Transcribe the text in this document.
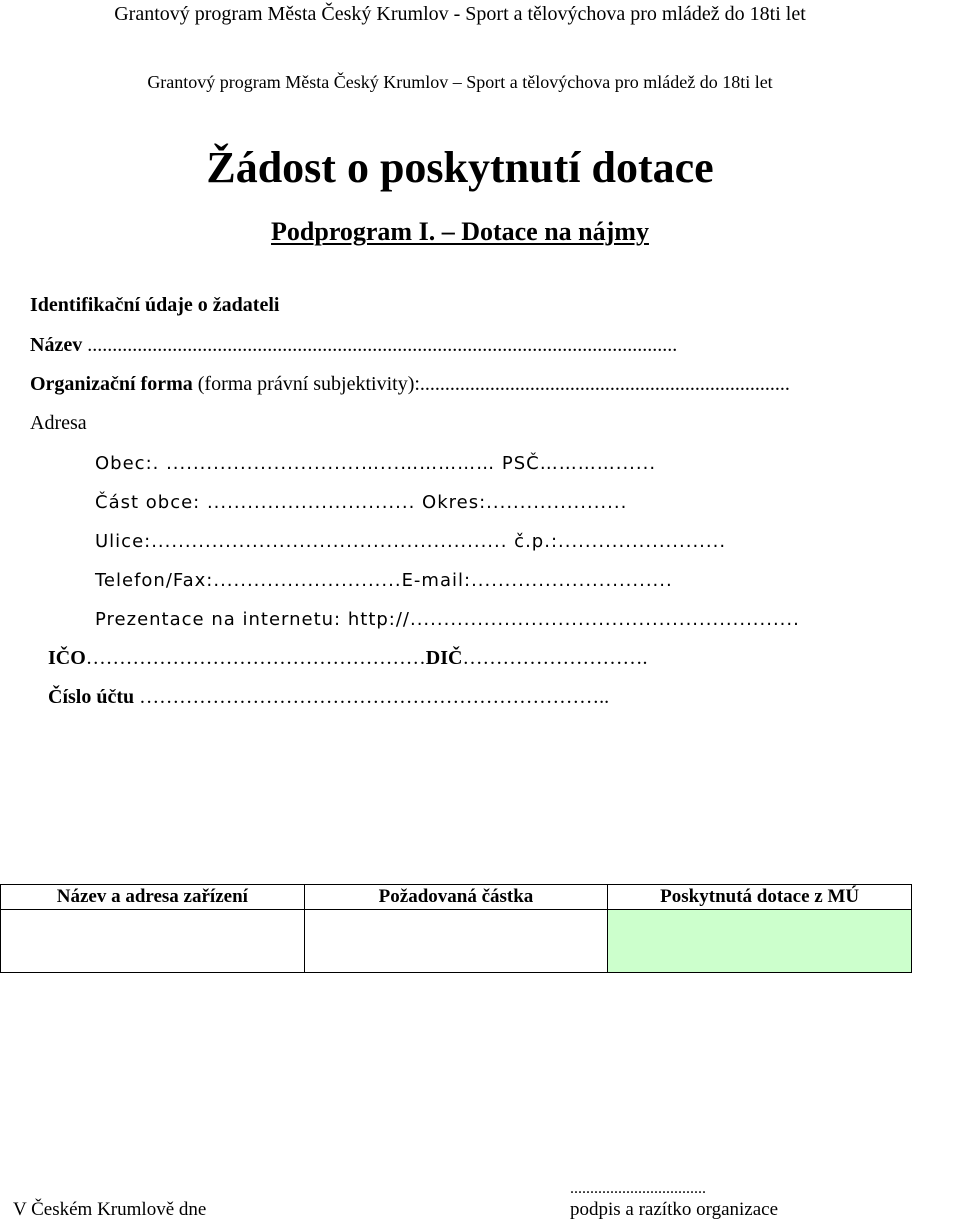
Grantový program Města Český Krumlov - Sport a tělovýchova pro mládež do 18ti let
Grantový program Města Český Krumlov – Sport a tělovýchova pro mládež do 18ti let
Žádost o poskytnutí dotace
Podprogram I. – Dotace na nájmy
Identifikační údaje o žadateli
Název ......................................................................................................................
Organizační forma (forma právní subjektivity):..........................................................................
Adresa
Obec:. .............................…...…………… PSČ…………......
Část obce: ............................... Okres:.....................
Ulice:..................................................... č.p.:.........................
Telefon/Fax:............................E-mail:..............................
Prezentace na internetu: http://..........................................................
IČO……………………………………………DIČ……………………….
Číslo účtu ……………………………………………………………..
Název a adresa zařízení	Požadovaná částka	Poskytnutá dotace z MÚ

V Českém Krumlově dne
..................................
podpis a razítko organizace
